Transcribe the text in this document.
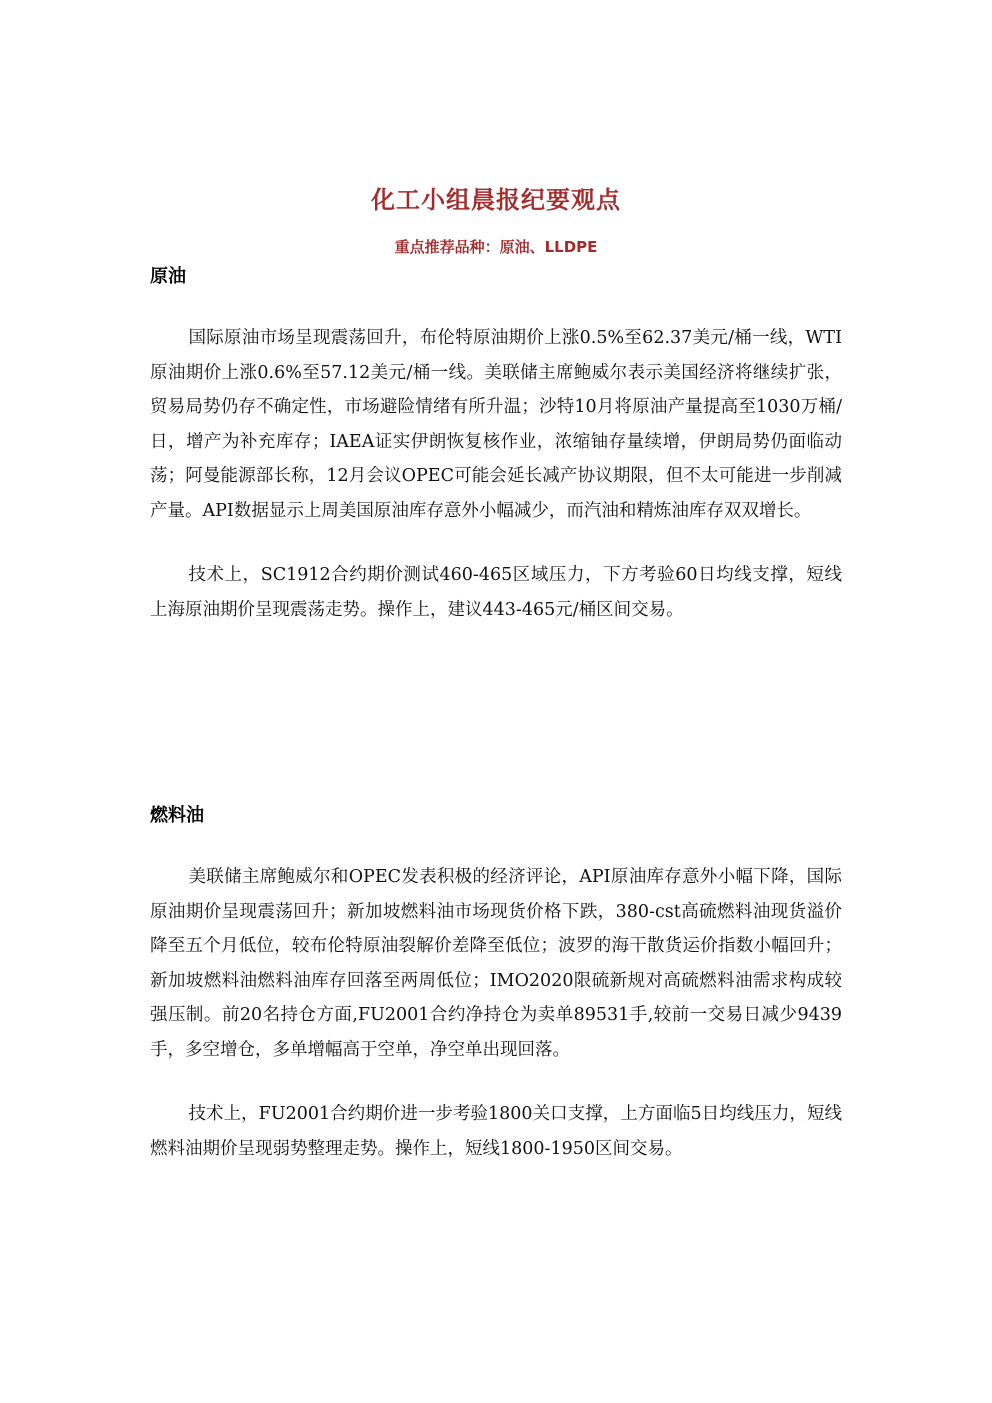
化工小组晨报纪要观点
重点推荐品种：原油、LLDPE
原油

国际原油市场呈现震荡回升，布伦特原油期价上涨0.5%至62.37美元/桶一线，WTI原油期价上涨0.6%至57.12美元/桶一线。美联储主席鲍威尔表示美国经济将继续扩张，贸易局势仍存不确定性，市场避险情绪有所升温；沙特10月将原油产量提高至1030万桶/日，增产为补充库存；IAEA证实伊朗恢复核作业，浓缩铀存量续增，伊朗局势仍面临动荡；阿曼能源部长称，12月会议OPEC可能会延长减产协议期限，但不太可能进一步削减产量。API数据显示上周美国原油库存意外小幅减少，而汽油和精炼油库存双双增长。

技术上，SC1912合约期价测试460-465区域压力，下方考验60日均线支撑，短线上海原油期价呈现震荡走势。操作上，建议443-465元/桶区间交易。

燃料油

美联储主席鲍威尔和OPEC发表积极的经济评论，API原油库存意外小幅下降，国际原油期价呈现震荡回升；新加坡燃料油市场现货价格下跌，380-cst高硫燃料油现货溢价降至五个月低位，较布伦特原油裂解价差降至低位；波罗的海干散货运价指数小幅回升；新加坡燃料油燃料油库存回落至两周低位；IMO2020限硫新规对高硫燃料油需求构成较强压制。前20名持仓方面,FU2001合约净持仓为卖单89531手,较前一交易日减少9439手，多空增仓，多单增幅高于空单，净空单出现回落。

技术上，FU2001合约期价进一步考验1800关口支撑，上方面临5日均线压力，短线燃料油期价呈现弱势整理走势。操作上，短线1800-1950区间交易。
